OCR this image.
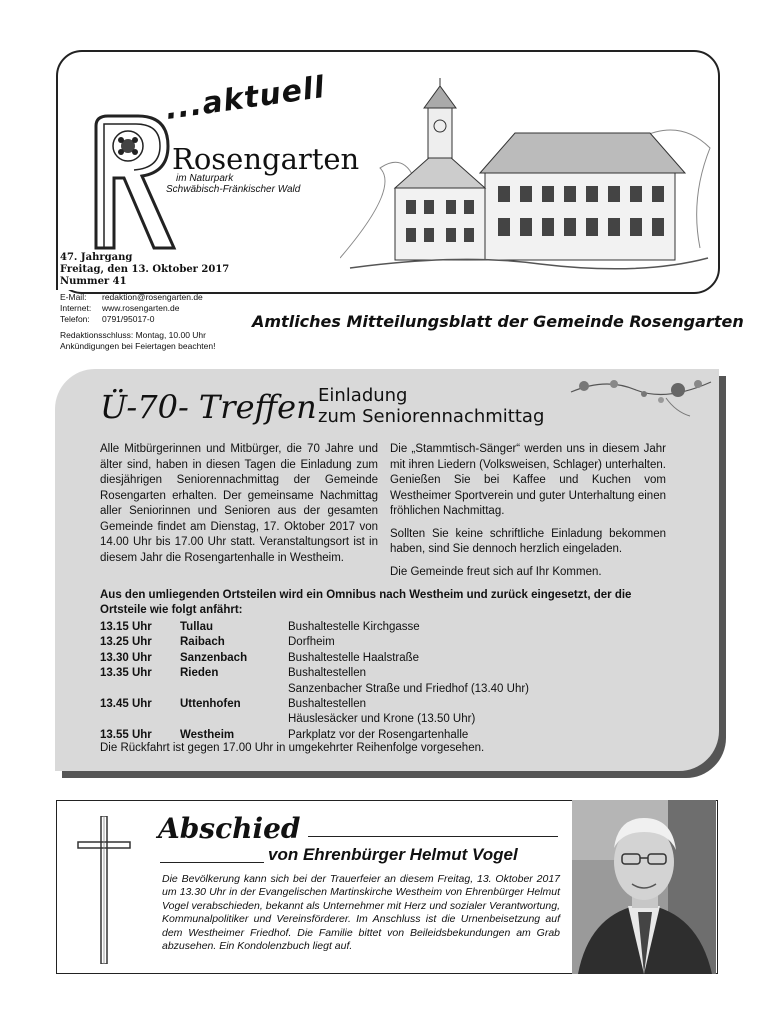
...aktuell
Rosengarten
im Naturpark
Schwäbisch-Fränkischer Wald
47. Jahrgang
Freitag, den 13. Oktober 2017
Nummer 41
E-Mail: redaktion@rosengarten.de
Internet: www.rosengarten.de
Telefon: 0791/95017-0
Redaktionsschluss: Montag, 10.00 Uhr
Ankündigungen bei Feiertagen beachten!
Amtliches Mitteilungsblatt der Gemeinde Rosengarten
Ü-70- Treffen Einladung
zum Seniorennachmittag
Alle Mitbürgerinnen und Mitbürger, die 70 Jahre und älter sind, haben in diesen Tagen die Einladung zum diesjährigen Seniorennachmittag der Gemeinde Rosengarten erhalten. Der gemeinsame Nachmittag aller Seniorinnen und Senioren aus der gesamten Gemeinde findet am Dienstag, 17. Oktober 2017 von 14.00 Uhr bis 17.00 Uhr statt. Veranstaltungsort ist in diesem Jahr die Rosengartenhalle in Westheim.

Die „Stammtisch-Sänger“ werden uns in diesem Jahr mit ihren Liedern (Volksweisen, Schlager) unterhalten. Genießen Sie bei Kaffee und Kuchen vom Westheimer Sportverein und guter Unterhaltung einen fröhlichen Nachmittag.

Sollten Sie keine schriftliche Einladung bekommen haben, sind Sie dennoch herzlich eingeladen.

Die Gemeinde freut sich auf Ihr Kommen.

Aus den umliegenden Ortsteilen wird ein Omnibus nach Westheim und zurück eingesetzt, der die Ortsteile wie folgt anfährt:
13.15 Uhr Tullau	Bushaltestelle Kirchgasse
13.25 Uhr Raibach	Dorfheim
13.30 Uhr Sanzenbach	Bushaltestelle Haalstraße
13.35 Uhr Rieden	Bushaltestellen
Sanzenbacher Straße und Friedhof (13.40 Uhr)
13.45 Uhr Uttenhofen	Bushaltestellen
Häuslesäcker und Krone (13.50 Uhr)
13.55 Uhr Westheim	Parkplatz vor der Rosengartenhalle
Die Rückfahrt ist gegen 17.00 Uhr in umgekehrter Reihenfolge vorgesehen.
Abschied
von Ehrenbürger Helmut Vogel
Die Bevölkerung kann sich bei der Trauerfeier an diesem Freitag, 13. Oktober 2017 um 13.30 Uhr in der Evangelischen Martinskirche Westheim von Ehrenbürger Helmut Vogel verabschieden, bekannt als Unternehmer mit Herz und sozialer Verantwortung, Kommunalpolitiker und Vereinsförderer. Im Anschluss ist die Urnenbeisetzung auf dem Westheimer Friedhof. Die Familie bittet von Beileidsbekundungen am Grab abzusehen. Ein Kondolenzbuch liegt auf.
